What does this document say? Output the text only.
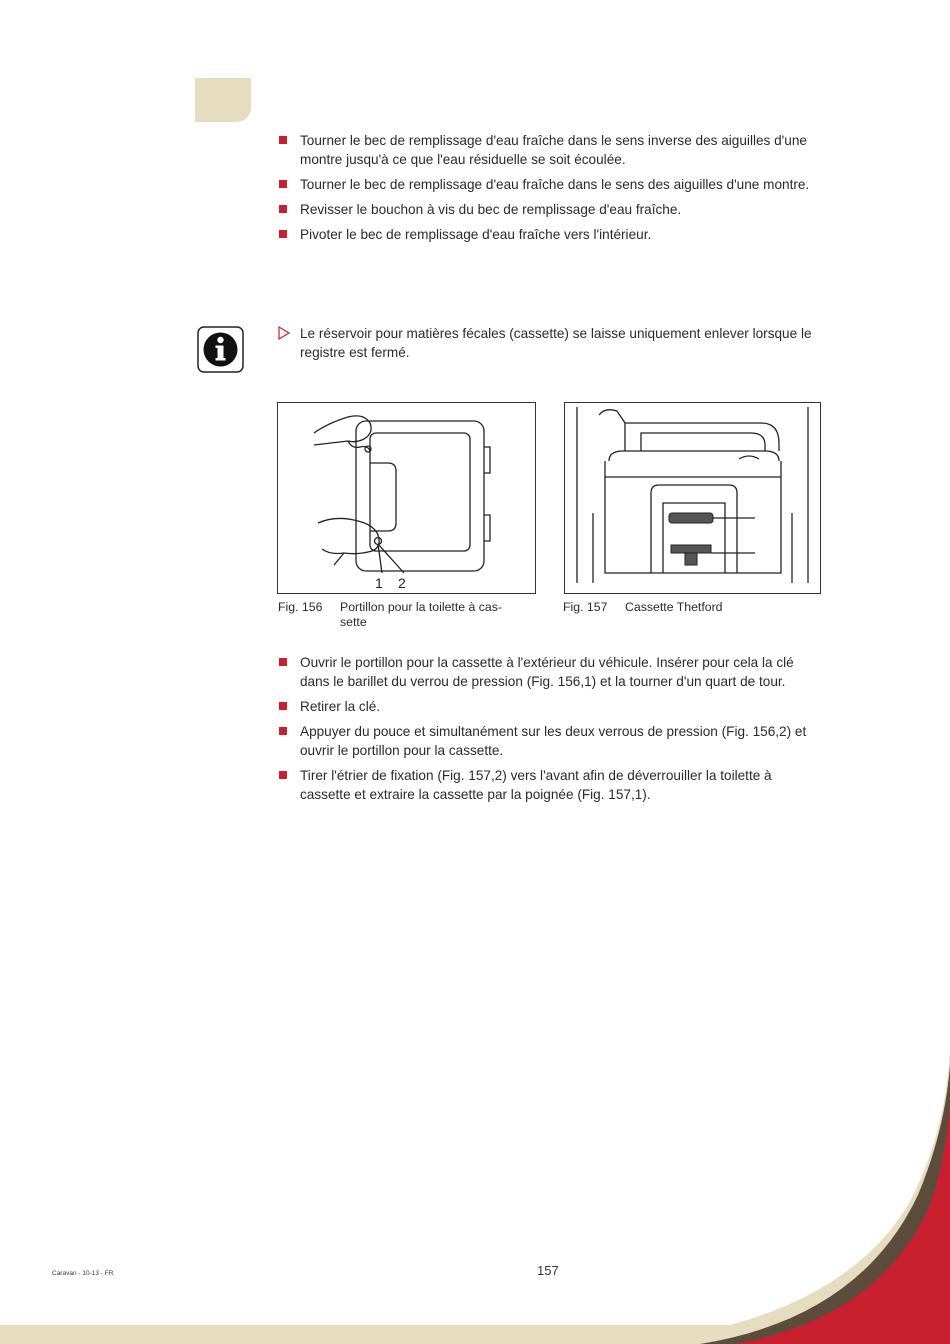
Tourner le bec de remplissage d'eau fraîche dans le sens inverse des aiguilles d'une montre jusqu'à ce que l'eau résiduelle se soit écoulée.
Tourner le bec de remplissage d'eau fraîche dans le sens des aiguilles d'une montre.
Revisser le bouchon à vis du bec de remplissage d'eau fraîche.
Pivoter le bec de remplissage d'eau fraîche vers l'intérieur.
Le réservoir pour matières fécales (cassette) se laisse uniquement enlever lorsque le registre est fermé.
1 2
Fig. 156 Portillon pour la toilette à cas-sette
Fig. 157 Cassette Thetford
Ouvrir le portillon pour la cassette à l'extérieur du véhicule. Insérer pour cela la clé dans le barillet du verrou de pression (Fig. 156,1) et la tourner d'un quart de tour.
Retirer la clé.
Appuyer du pouce et simultanément sur les deux verrous de pression (Fig. 156,2) et ouvrir le portillon pour la cassette.
Tirer l'étrier de fixation (Fig. 157,2) vers l'avant afin de déverrouiller la toilette à cassette et extraire la cassette par la poignée (Fig. 157,1).
Caravan - 10-13 - FR	157
